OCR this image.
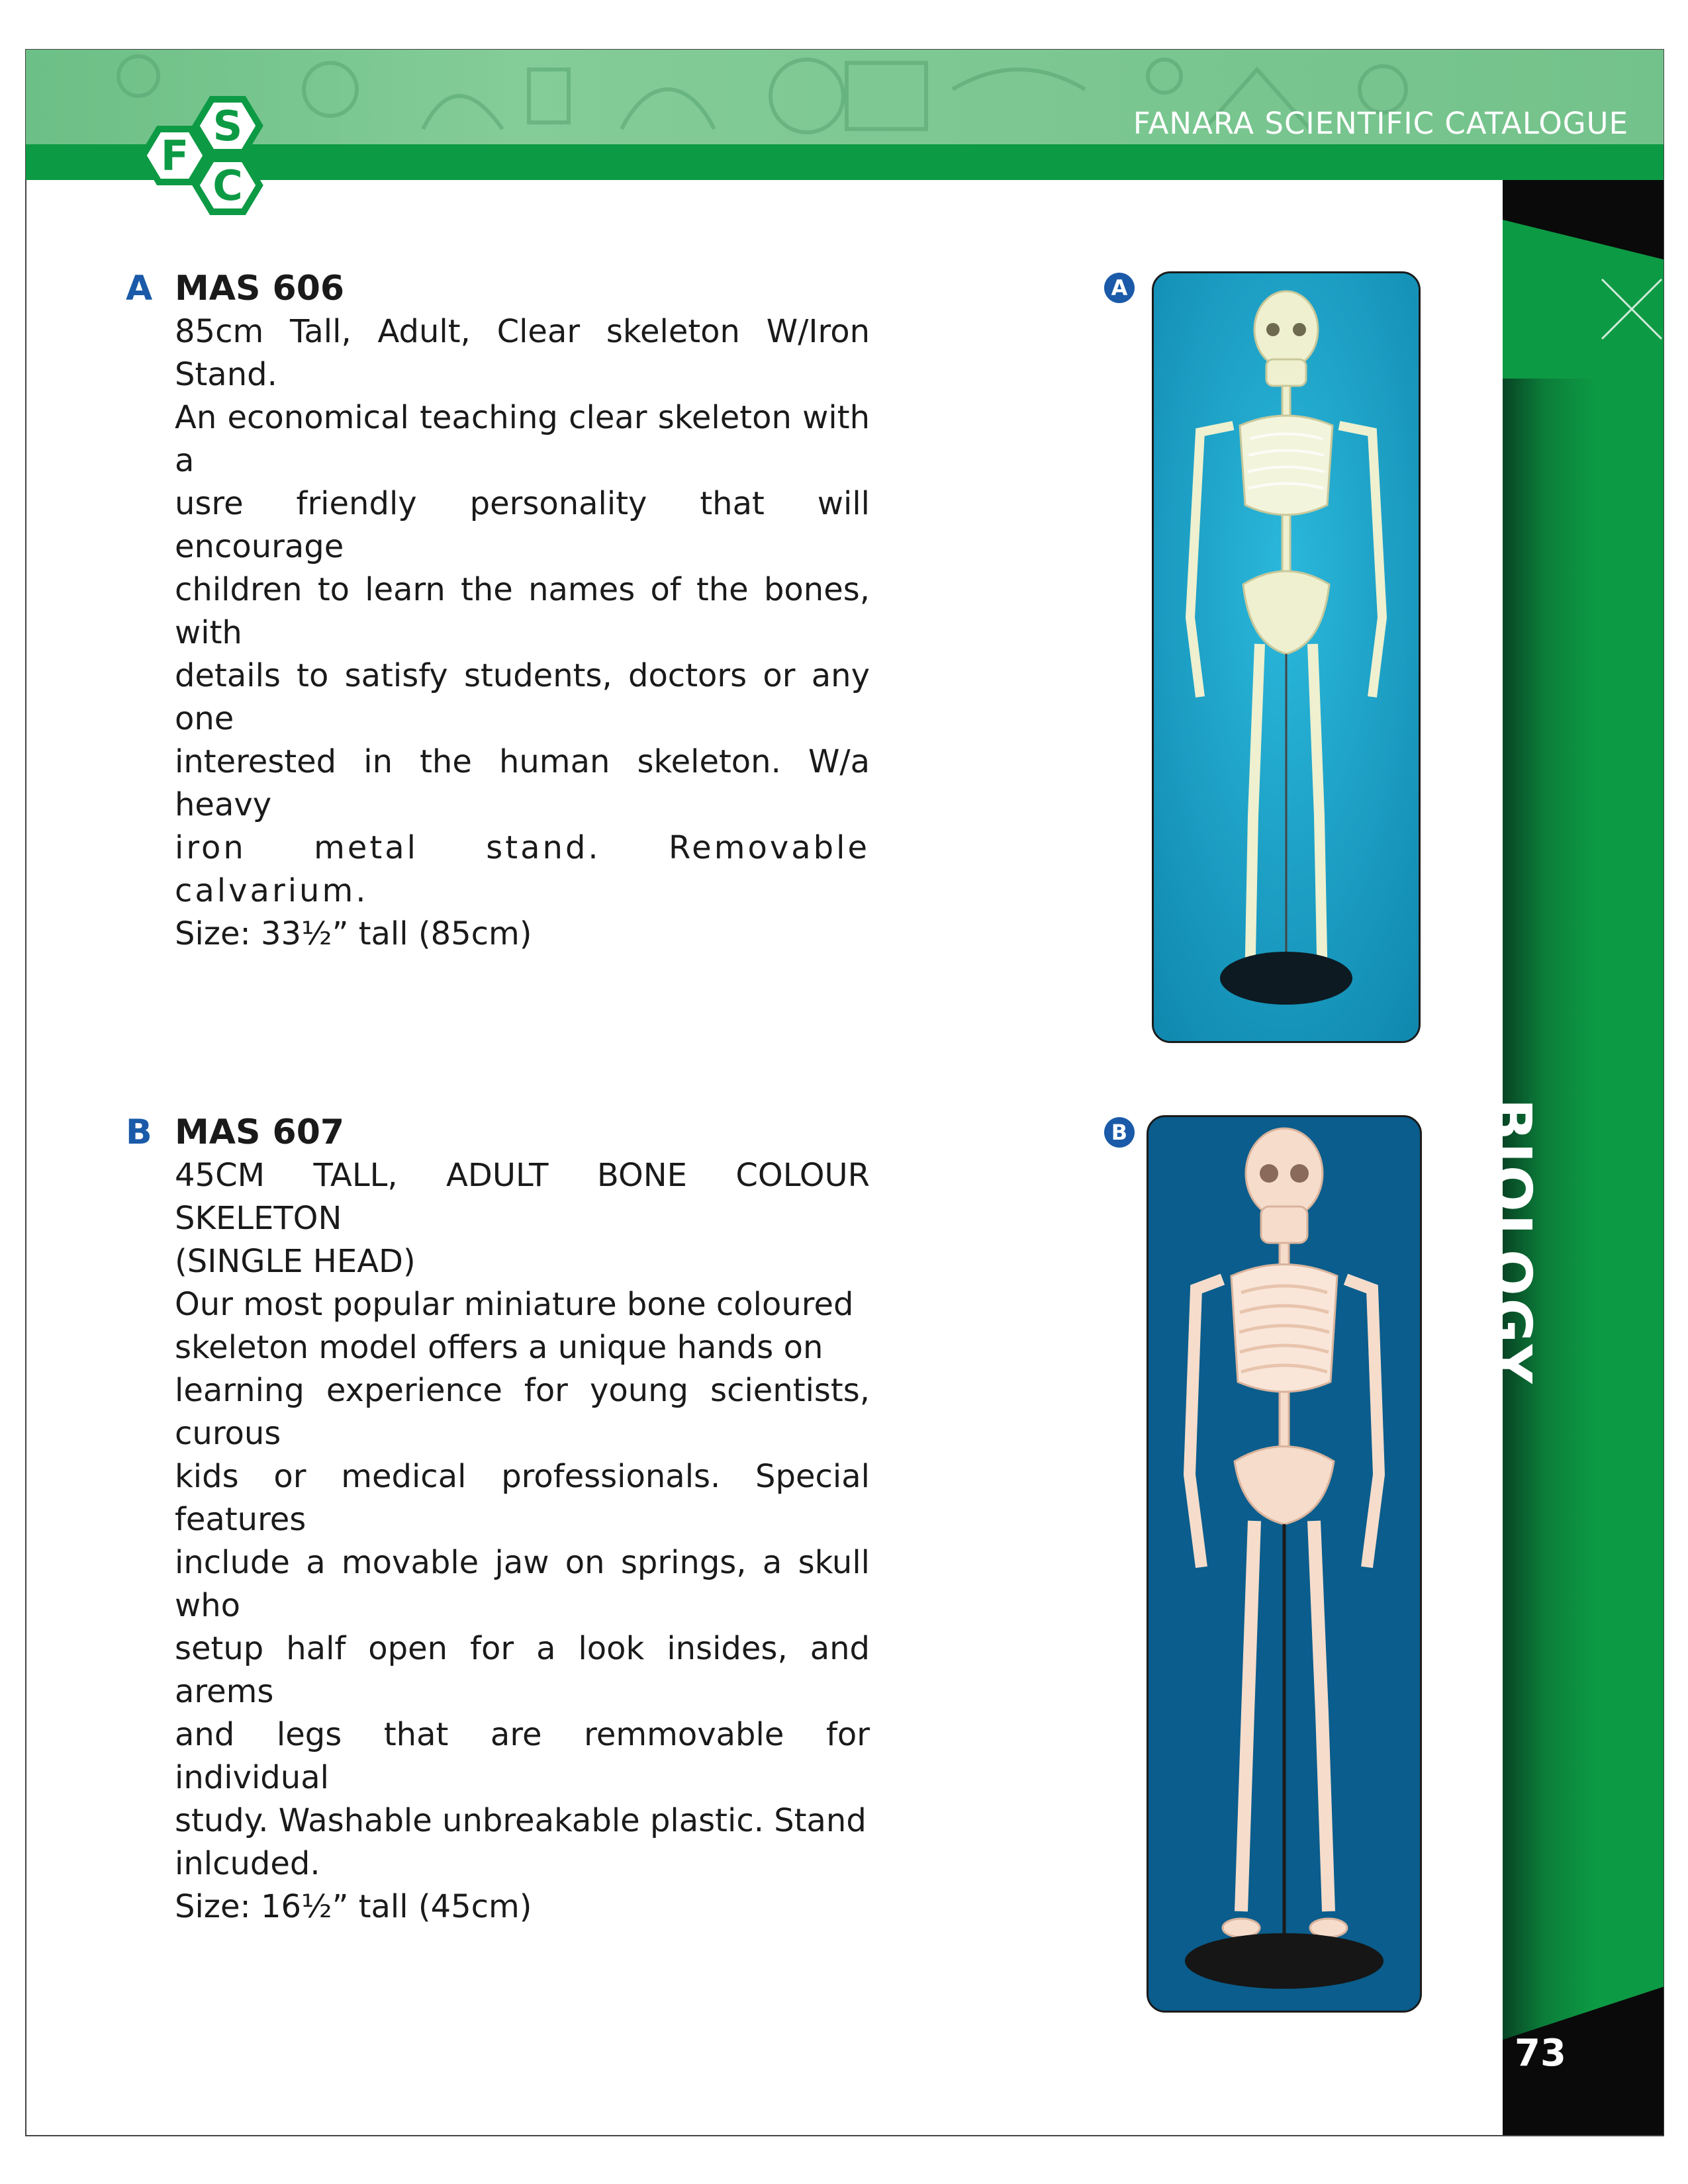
FANARA SCIENTIFIC CATALOGUE
S
F
C
BIOLOGY
73
A MAS 606

85cm Tall, Adult, Clear skeleton W/Iron Stand.

An economical teaching clear skeleton with a

usre friendly personality that will encourage

children to learn the names of the bones, with

details to satisfy students, doctors or any one

interested in the human skeleton. W/a heavy

iron metal stand. Removable calvarium.

Size: 33½” tall (85cm)

B MAS 607

45CM TALL, ADULT BONE COLOUR SKELETON

(SINGLE HEAD)

Our most popular miniature bone coloured

skeleton model offers a unique hands on

learning experience for young scientists, curous

kids or medical professionals. Special features

include a movable jaw on springs, a skull who

setup half open for a look insides, and arems

and legs that are remmovable for individual

study. Washable unbreakable plastic. Stand

inlcuded.

Size: 16½” tall (45cm)

A
B
